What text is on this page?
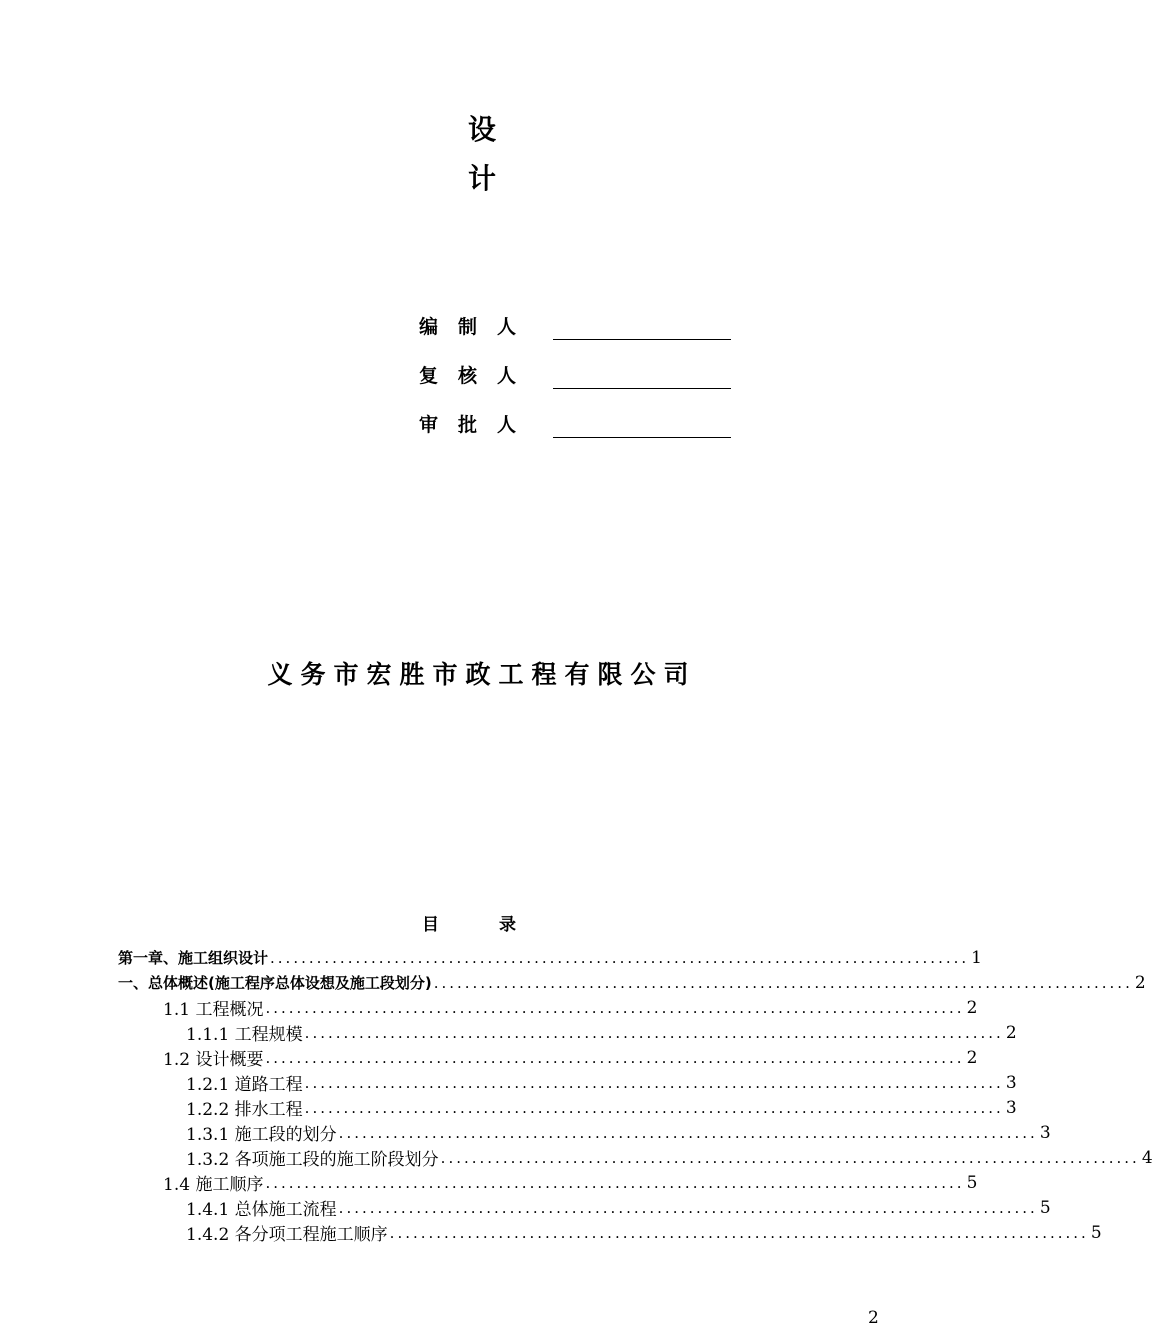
设
计
编制人
复核人
审批人
义务市宏胜市政工程有限公司
目录
第一章、施工组织设计 .......................................................................................... 1
一、总体概述(施工程序总体设想及施工段划分) .......................................................................................... 2
1.1 工程概况 .......................................................................................... 2
1.1.1 工程规模 .......................................................................................... 2
1.2 设计概要 .......................................................................................... 2
1.2.1 道路工程 .......................................................................................... 3
1.2.2 排水工程 .......................................................................................... 3
1.3.1 施工段的划分 .......................................................................................... 3
1.3.2 各项施工段的施工阶段划分 .......................................................................................... 4
1.4 施工顺序 .......................................................................................... 5
1.4.1 总体施工流程 .......................................................................................... 5
1.4.2 各分项工程施工顺序 .......................................................................................... 5
2
